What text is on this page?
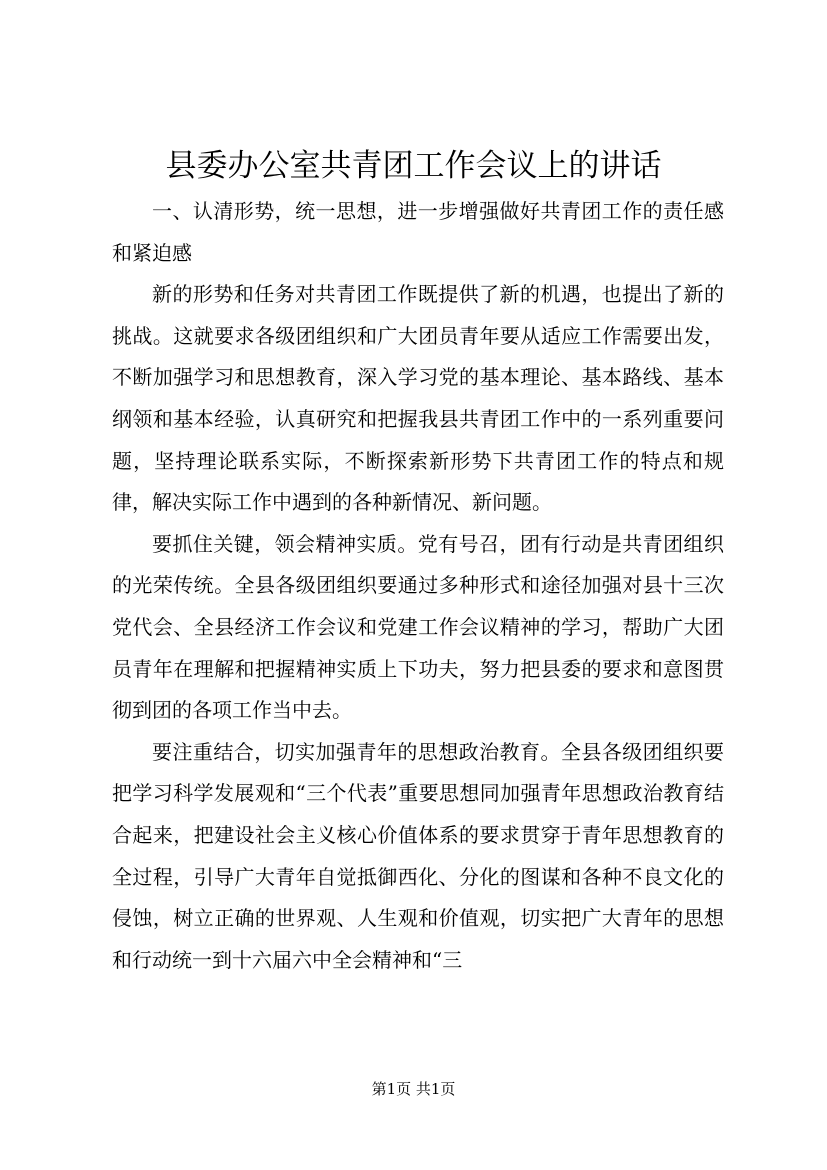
县委办公室共青团工作会议上的讲话

一、认清形势，统一思想，进一步增强做好共青团工作的责任感和紧迫感

新的形势和任务对共青团工作既提供了新的机遇，也提出了新的挑战。这就要求各级团组织和广大团员青年要从适应工作需要出发，不断加强学习和思想教育，深入学习党的基本理论、基本路线、基本纲领和基本经验，认真研究和把握我县共青团工作中的一系列重要问题，坚持理论联系实际，不断探索新形势下共青团工作的特点和规律，解决实际工作中遇到的各种新情况、新问题。

要抓住关键，领会精神实质。党有号召，团有行动是共青团组织的光荣传统。全县各级团组织要通过多种形式和途径加强对县十三次党代会、全县经济工作会议和党建工作会议精神的学习，帮助广大团员青年在理解和把握精神实质上下功夫，努力把县委的要求和意图贯彻到团的各项工作当中去。

要注重结合，切实加强青年的思想政治教育。全县各级团组织要把学习科学发展观和“三个代表”重要思想同加强青年思想政治教育结合起来，把建设社会主义核心价值体系的要求贯穿于青年思想教育的全过程，引导广大青年自觉抵御西化、分化的图谋和各种不良文化的侵蚀，树立正确的世界观、人生观和价值观，切实把广大青年的思想和行动统一到十六届六中全会精神和“三

第1页 共1页
